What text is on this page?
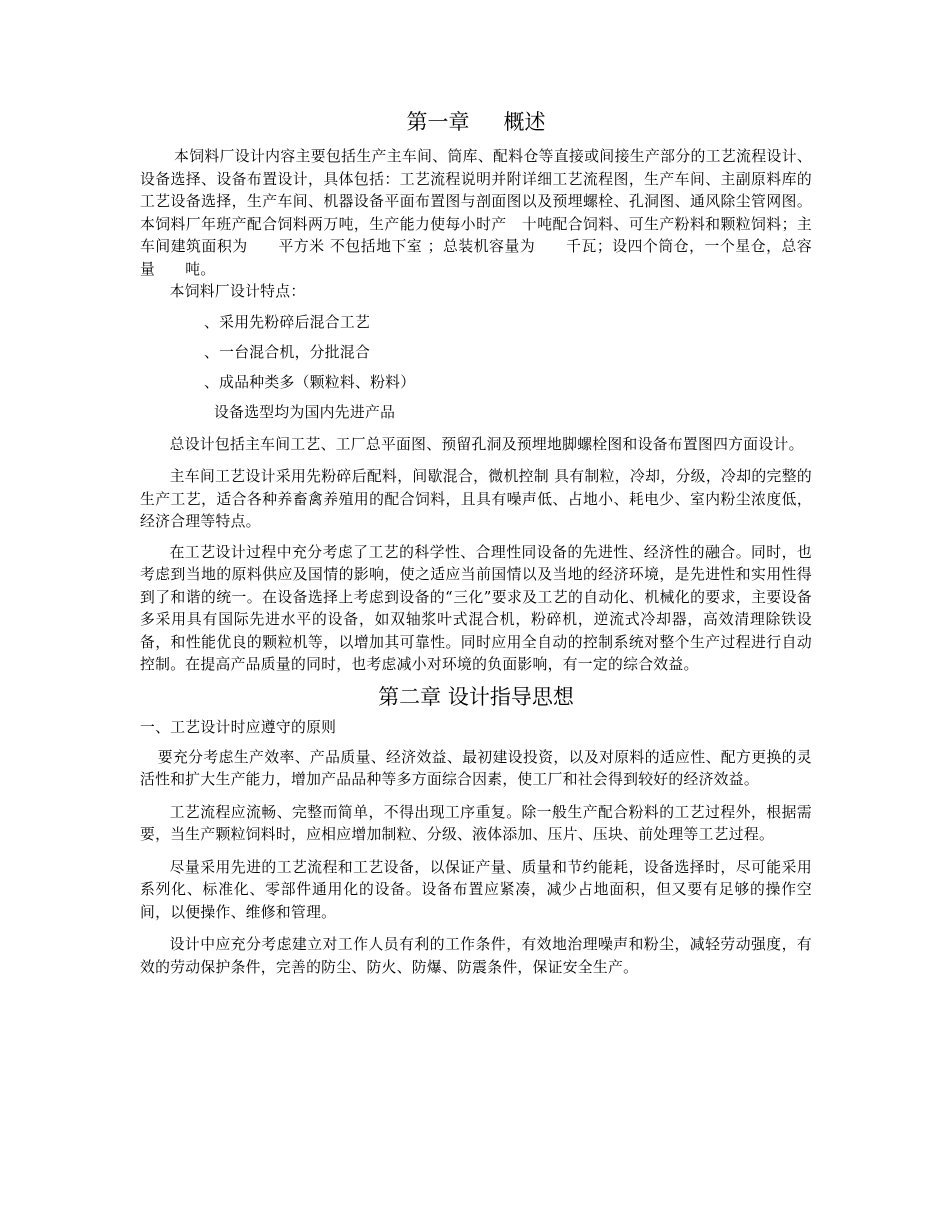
第一章 概述

本饲料厂设计内容主要包括生产主车间、筒库、配料仓等直接或间接生产部分的工艺流程设计、设备选择、设备布置设计，具体包括：工艺流程说明并附详细工艺流程图，生产车间、主副原料库的工艺设备选择，生产车间、机器设备平面布置图与剖面图以及预埋螺栓、孔洞图、通风除尘管网图。本饲料厂年班产配合饲料两万吨，生产能力使每小时产　十吨配合饲料、可生产粉料和颗粒饲料；主车间建筑面积为　　平方米 不包括地下室 ；总装机容量为　　千瓦；设四个筒仓，一个星仓，总容量　　吨。

本饲料厂设计特点：

、采用先粉碎后混合工艺
、一台混合机，分批混合
、成品种类多（颗粒料、粉料）
设备选型均为国内先进产品

总设计包括主车间工艺、工厂总平面图、预留孔洞及预埋地脚螺栓图和设备布置图四方面设计。

主车间工艺设计采用先粉碎后配料，间歇混合，微机控制 具有制粒，冷却，分级，冷却的完整的生产工艺，适合各种养畜禽养殖用的配合饲料，且具有噪声低、占地小、耗电少、室内粉尘浓度低，经济合理等特点。

在工艺设计过程中充分考虑了工艺的科学性、合理性同设备的先进性、经济性的融合。同时，也考虑到当地的原料供应及国情的影响，使之适应当前国情以及当地的经济环境，是先进性和实用性得到了和谐的统一。在设备选择上考虑到设备的“三化”要求及工艺的自动化、机械化的要求，主要设备多采用具有国际先进水平的设备，如双轴浆叶式混合机，粉碎机，逆流式冷却器，高效清理除铁设备，和性能优良的颗粒机等，以增加其可靠性。同时应用全自动的控制系统对整个生产过程进行自动控制。在提高产品质量的同时，也考虑减小对环境的负面影响，有一定的综合效益。

第二章 设计指导思想
一、工艺设计时应遵守的原则

要充分考虑生产效率、产品质量、经济效益、最初建设投资，以及对原料的适应性、配方更换的灵活性和扩大生产能力，增加产品品种等多方面综合因素，使工厂和社会得到较好的经济效益。

工艺流程应流畅、完整而简单，不得出现工序重复。除一般生产配合粉料的工艺过程外，根据需要，当生产颗粒饲料时，应相应增加制粒、分级、液体添加、压片、压块、前处理等工艺过程。

尽量采用先进的工艺流程和工艺设备，以保证产量、质量和节约能耗，设备选择时，尽可能采用系列化、标准化、零部件通用化的设备。设备布置应紧凑，减少占地面积，但又要有足够的操作空间，以便操作、维修和管理。

设计中应充分考虑建立对工作人员有利的工作条件，有效地治理噪声和粉尘，减轻劳动强度，有效的劳动保护条件，完善的防尘、防火、防爆、防震条件，保证安全生产。
